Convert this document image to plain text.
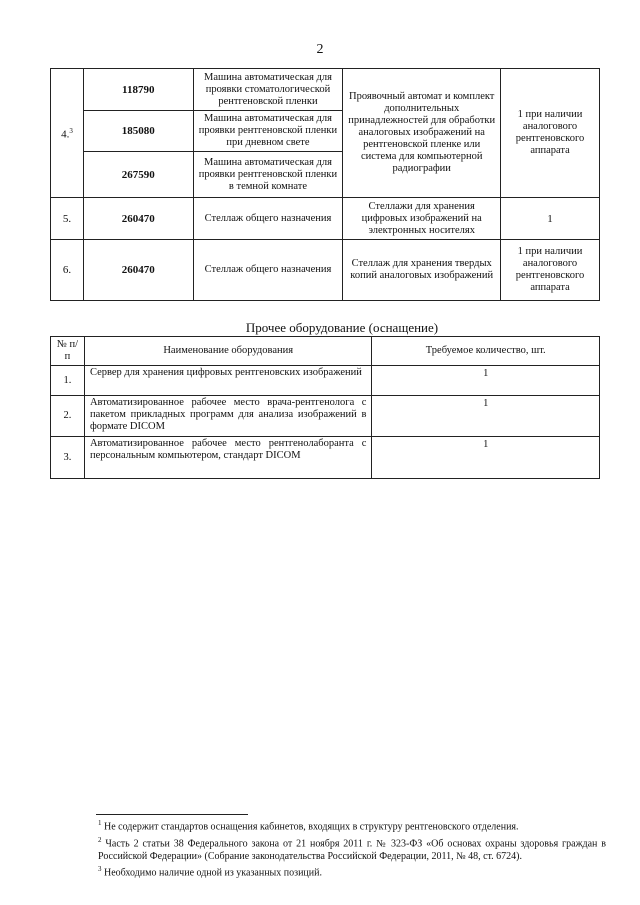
2
4.$^3$	118790	Машина автоматическая для проявки стоматологической рентгеновской пленки	Проявочный автомат и комплект дополнительных принадлежностей для обработки аналоговых изображений на рентгеновской пленке или система для компьютерной радиографии	1 при наличии аналогового рентгеновского аппарата
	185080	Машина автоматическая для проявки рентгеновской пленки при дневном свете		
	267590	Машина автоматическая для проявки рентгеновской пленки в темной комнате		
5.	260470	Стеллаж общего назначения	Стеллажи для хранения цифровых изображений на электронных носителях	1
6.	260470	Стеллаж общего назначения	Стеллаж для хранения твердых копий аналоговых изображений	1 при наличии аналогового рентгеновского аппарата
Прочее оборудование (оснащение)
№ п/п	Наименование оборудования	Требуемое количество, шт.
1.	Сервер для хранения цифровых рентгеновских изображений	1
2.	Автоматизированное рабочее место врача-рентгенолога с пакетом прикладных программ для анализа изображений в формате DICOM	1
3.	Автоматизированное рабочее место рентгенолаборанта с персональным компьютером, стандарт DICOM	1

$^1$ Не содержит стандартов оснащения кабинетов, входящих в структуру рентгеновского отделения.

$^2$ Часть 2 статьи 38 Федерального закона от 21 ноября 2011 г. № 323-ФЗ «Об основах охраны здоровья граждан в Российской Федерации» (Собрание законодательства Российской Федерации, 2011, № 48, ст. 6724).

$^3$ Необходимо наличие одной из указанных позиций.
